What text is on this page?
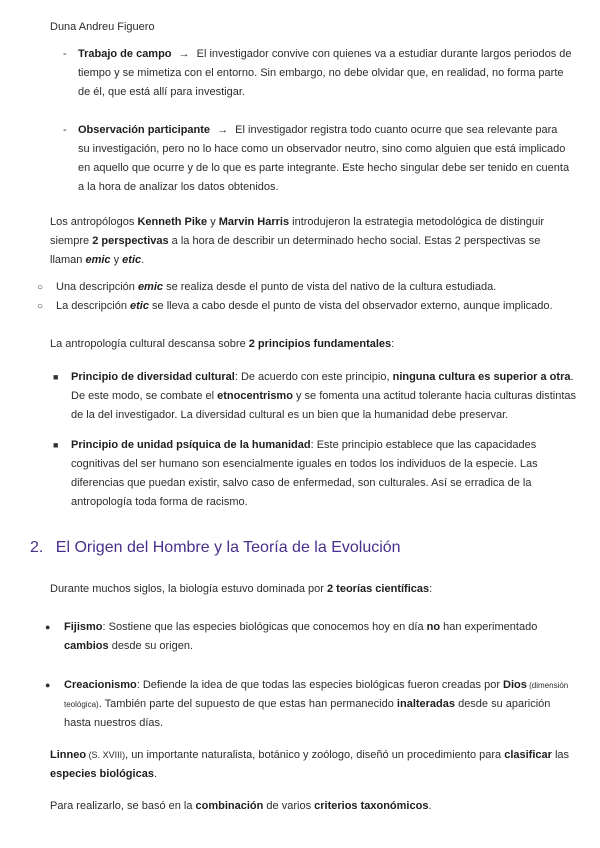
Duna Andreu Figuero
- Trabajo de campo → El investigador convive con quienes va a estudiar durante largos periodos de tiempo y se mimetiza con el entorno. Sin embargo, no debe olvidar que, en realidad, no forma parte de él, que está allí para investigar.

- Observación participante → El investigador registra todo cuanto ocurre que sea relevante para su investigación, pero no lo hace como un observador neutro, sino como alguien que está implicado en aquello que ocurre y de lo que es parte integrante. Este hecho singular debe ser tenido en cuenta a la hora de analizar los datos obtenidos.

Los antropólogos Kenneth Pike y Marvin Harris introdujeron la estrategia metodológica de distinguir siempre 2 perspectivas a la hora de describir un determinado hecho social. Estas 2 perspectivas se llaman emic y etic.

○ Una descripción emic se realiza desde el punto de vista del nativo de la cultura estudiada.

○ La descripción etic se lleva a cabo desde el punto de vista del observador externo, aunque implicado.

La antropología cultural descansa sobre 2 principios fundamentales:

■ Principio de diversidad cultural: De acuerdo con este principio, ninguna cultura es superior a otra. De este modo, se combate el etnocentrismo y se fomenta una actitud tolerante hacia culturas distintas de la del investigador. La diversidad cultural es un bien que la humanidad debe preservar.

■ Principio de unidad psíquica de la humanidad: Este principio establece que las capacidades cognitivas del ser humano son esencialmente iguales en todos los individuos de la especie. Las diferencias que puedan existir, salvo caso de enfermedad, son culturales. Así se erradica de la antropología toda forma de racismo.

2. El Origen del Hombre y la Teoría de la Evolución

Durante muchos siglos, la biología estuvo dominada por 2 teorías científicas:

● Fijismo: Sostiene que las especies biológicas que conocemos hoy en día no han experimentado cambios desde su origen.

● Creacionismo: Defiende la idea de que todas las especies biológicas fueron creadas por Dios (dimensión teológica). También parte del supuesto de que estas han permanecido inalteradas desde su aparición hasta nuestros días.

Linneo (S. XVIII), un importante naturalista, botánico y zoólogo, diseñó un procedimiento para clasificar las especies biológicas.

Para realizarlo, se basó en la combinación de varios criterios taxonómicos.
